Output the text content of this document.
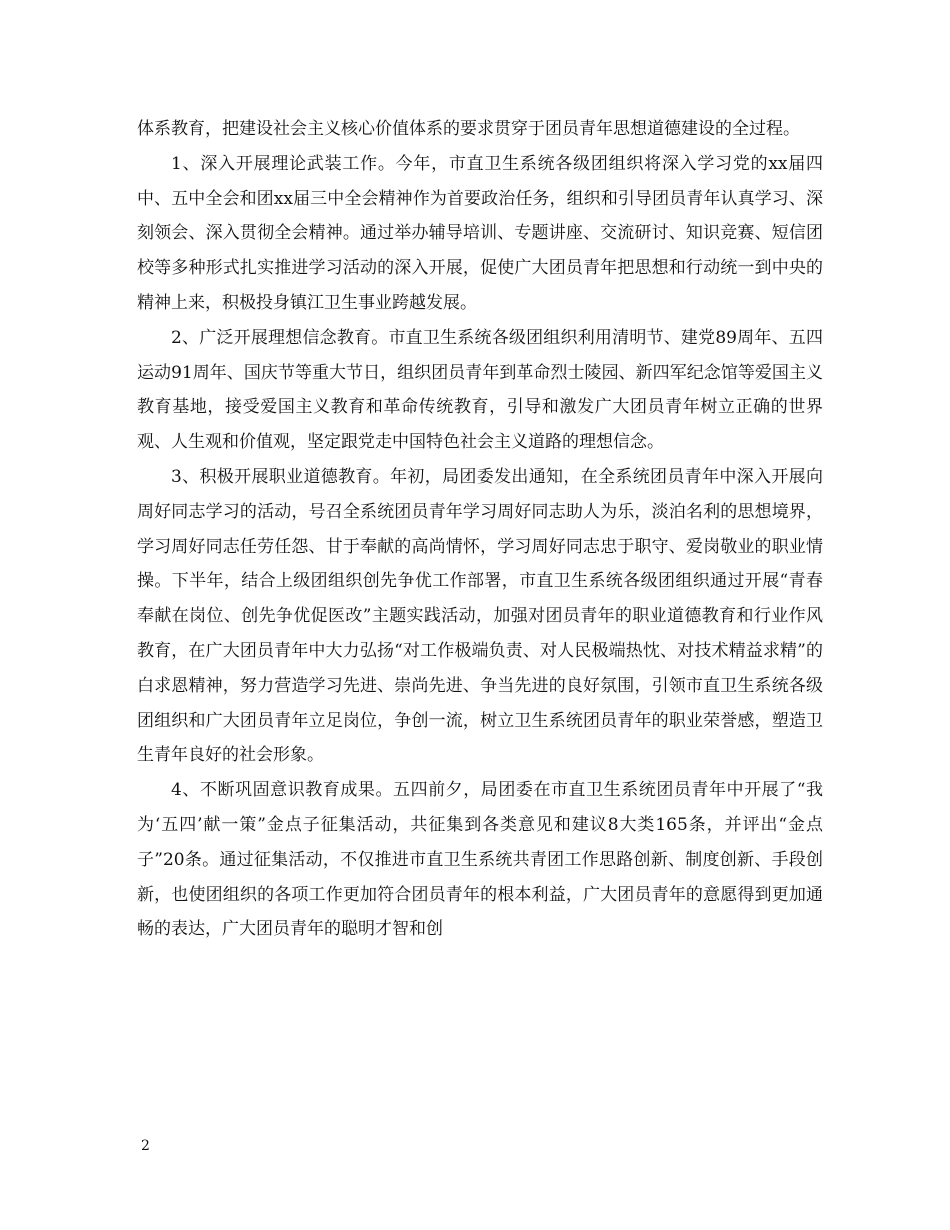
体系教育，把建设社会主义核心价值体系的要求贯穿于团员青年思想道德建设的全过程。

1、深入开展理论武装工作。今年，市直卫生系统各级团组织将深入学习党的xx届四中、五中全会和团xx届三中全会精神作为首要政治任务，组织和引导团员青年认真学习、深刻领会、深入贯彻全会精神。通过举办辅导培训、专题讲座、交流研讨、知识竞赛、短信团校等多种形式扎实推进学习活动的深入开展，促使广大团员青年把思想和行动统一到中央的精神上来，积极投身镇江卫生事业跨越发展。

2、广泛开展理想信念教育。市直卫生系统各级团组织利用清明节、建党89周年、五四运动91周年、国庆节等重大节日，组织团员青年到革命烈士陵园、新四军纪念馆等爱国主义教育基地，接受爱国主义教育和革命传统教育，引导和激发广大团员青年树立正确的世界观、人生观和价值观，坚定跟党走中国特色社会主义道路的理想信念。

3、积极开展职业道德教育。年初，局团委发出通知，在全系统团员青年中深入开展向周好同志学习的活动，号召全系统团员青年学习周好同志助人为乐，淡泊名利的思想境界，学习周好同志任劳任怨、甘于奉献的高尚情怀，学习周好同志忠于职守、爱岗敬业的职业情操。下半年，结合上级团组织创先争优工作部署，市直卫生系统各级团组织通过开展“青春奉献在岗位、创先争优促医改”主题实践活动，加强对团员青年的职业道德教育和行业作风教育，在广大团员青年中大力弘扬“对工作极端负责、对人民极端热忱、对技术精益求精”的白求恩精神，努力营造学习先进、崇尚先进、争当先进的良好氛围，引领市直卫生系统各级团组织和广大团员青年立足岗位，争创一流，树立卫生系统团员青年的职业荣誉感，塑造卫生青年良好的社会形象。

4、不断巩固意识教育成果。五四前夕，局团委在市直卫生系统团员青年中开展了“我为‘五四’献一策”金点子征集活动，共征集到各类意见和建议8大类165条，并评出“金点子”20条。通过征集活动，不仅推进市直卫生系统共青团工作思路创新、制度创新、手段创新，也使团组织的各项工作更加符合团员青年的根本利益，广大团员青年的意愿得到更加通畅的表达，广大团员青年的聪明才智和创

2
